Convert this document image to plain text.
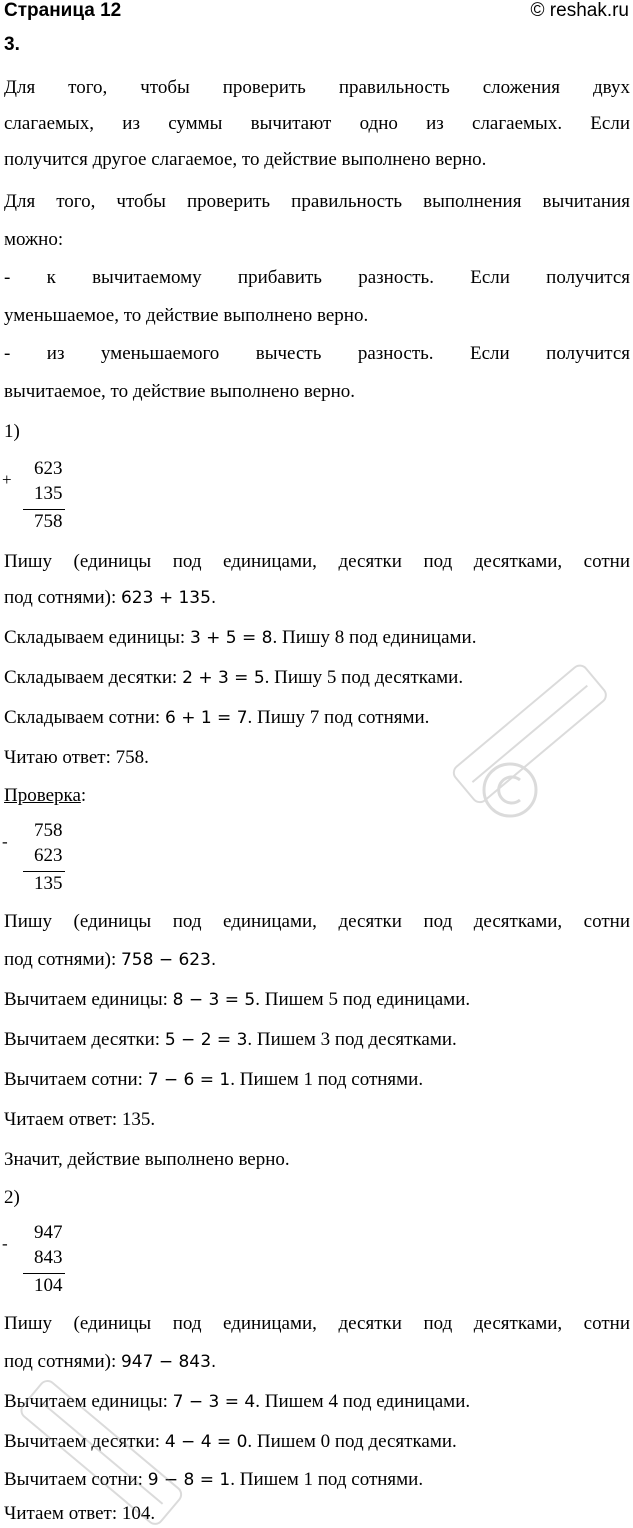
Страница 12	© reshak.ru
3.
Для того, чтобы проверить правильность сложения двух
слагаемых, из суммы вычитают одно из слагаемых. Если
получится другое слагаемое, то действие выполнено верно.
Для того, чтобы проверить правильность выполнения вычитания
можно:
- к вычитаемому прибавить разность. Если получится
уменьшаемое, то действие выполнено верно.
- из уменьшаемого вычесть разность. Если получится
вычитаемое, то действие выполнено верно.
1)
+
623
135
758
Пишу (единицы под единицами, десятки под десятками, сотни
под сотнями): 623 + 135.
Складываем единицы: 3 + 5 = 8. Пишу 8 под единицами.
Складываем десятки: 2 + 3 = 5. Пишу 5 под десятками.
Складываем сотни: 6 + 1 = 7. Пишу 7 под сотнями.
Читаю ответ: 758.
Проверка:
-
758
623
135
Пишу (единицы под единицами, десятки под десятками, сотни
под сотнями): 758 − 623.
Вычитаем единицы: 8 − 3 = 5. Пишем 5 под единицами.
Вычитаем десятки: 5 − 2 = 3. Пишем 3 под десятками.
Вычитаем сотни: 7 − 6 = 1. Пишем 1 под сотнями.
Читаем ответ: 135.
Значит, действие выполнено верно.
2)
-
947
843
104
Пишу (единицы под единицами, десятки под десятками, сотни
под сотнями): 947 − 843.
Вычитаем единицы: 7 − 3 = 4. Пишем 4 под единицами.
Вычитаем десятки: 4 − 4 = 0. Пишем 0 под десятками.
Вычитаем сотни: 9 − 8 = 1. Пишем 1 под сотнями.
Читаем ответ: 104.
